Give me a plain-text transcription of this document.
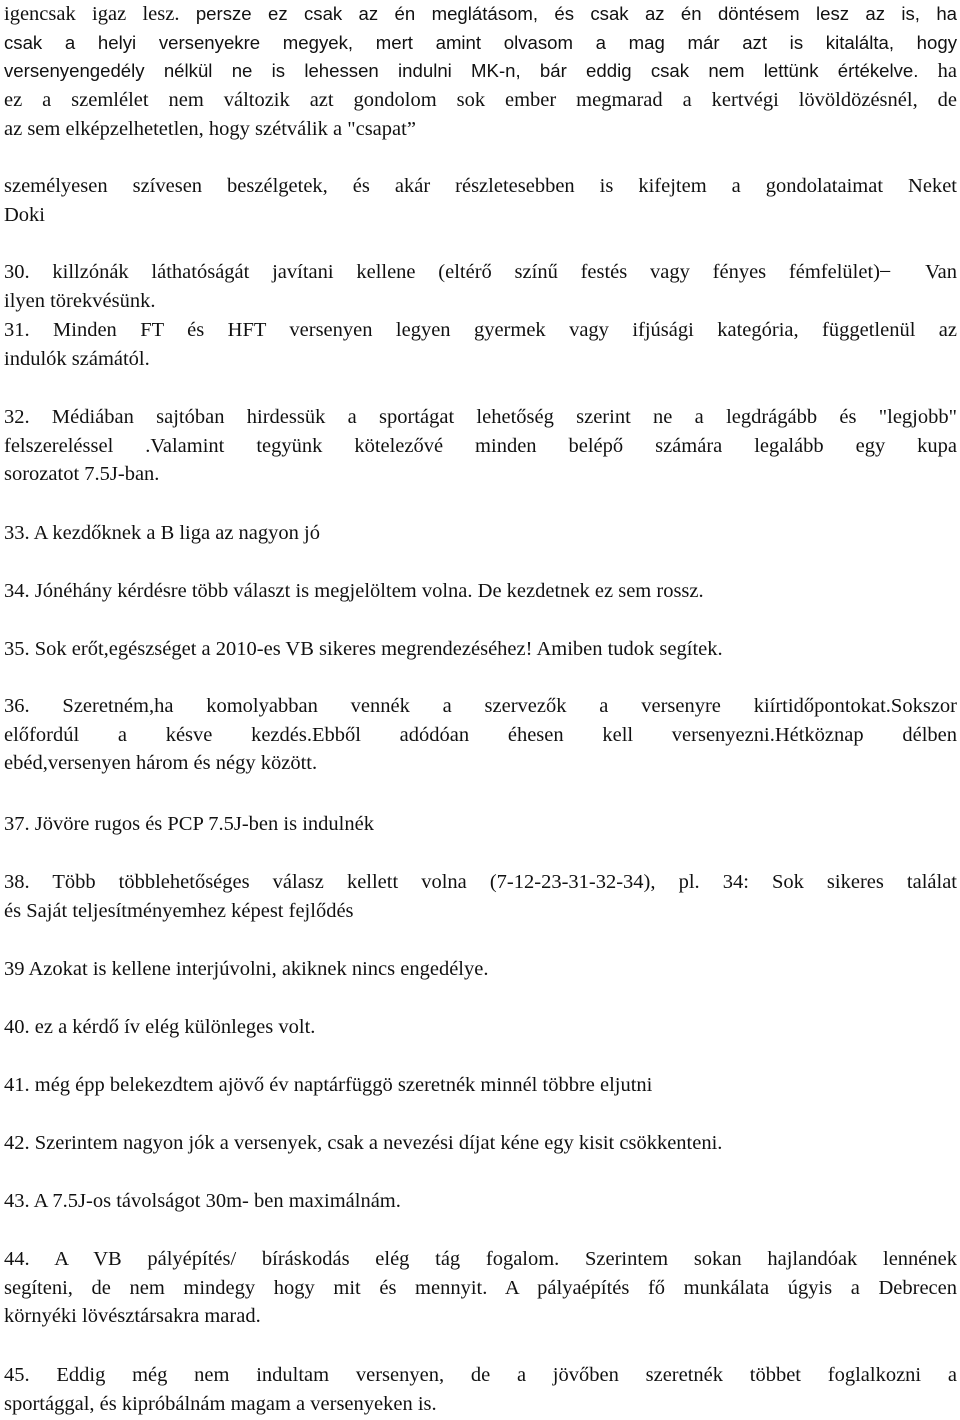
igencsak igaz lesz. persze ez csak az én meglátásom, és csak az én döntésem lesz az is, ha
csak a helyi versenyekre megyek, mert amint olvasom a mag már azt is kitalálta, hogy
versenyengedély nélkül ne is lehessen indulni MK-n, bár eddig csak nem lettünk értékelve. ha
ez a szemlélet nem változik azt gondolom sok ember megmarad a kertvégi lövöldözésnél, de
az sem elképzelhetetlen, hogy szétválik a "csapat”
személyesen szívesen beszélgetek, és akár részletesebben is kifejtem a gondolataimat Neket
Doki
30. killzónák láthatóságát javítani kellene (eltérő színű festés vagy fényes fémfelület) ̶ Van
ilyen törekvésünk.
31. Minden FT és HFT versenyen legyen gyermek vagy ifjúsági kategória, függetlenül az
indulók számától.
32. Médiában sajtóban hirdessük a sportágat lehetőség szerint ne a legdrágább és "legjobb"
felszereléssel .Valamint tegyünk kötelezővé minden belépő számára legalább egy kupa
sorozatot 7.5J-ban.
33. A kezdőknek a B liga az nagyon jó
34. Jónéhány kérdésre több választ is megjelöltem volna. De kezdetnek ez sem rossz.
35. Sok erőt,egészséget a 2010-es VB sikeres megrendezéséhez! Amiben tudok segítek.
36. Szeretném,ha komolyabban vennék a szervezők a versenyre kiírtidőpontokat.Sokszor
előfordúl a késve kezdés.Ebből adódóan éhesen kell versenyezni.Hétköznap délben
ebéd,versenyen három és négy között.
37. Jövöre rugos és PCP 7.5J-ben is indulnék
38. Több többlehetőséges válasz kellett volna (7-12-23-31-32-34), pl. 34: Sok sikeres találat
és Saját teljesítményemhez képest fejlődés
39 Azokat is kellene interjúvolni, akiknek nincs engedélye.
40. ez a kérdő ív elég különleges volt.
41. még épp belekezdtem ajövő év naptárfüggö szeretnék minnél többre eljutni
42. Szerintem nagyon jók a versenyek, csak a nevezési díjat kéne egy kisit csökkenteni.
43. A 7.5J-os távolságot 30m- ben maximálnám.
44. A VB pályépítés/ bíráskodás elég tág fogalom. Szerintem sokan hajlandóak lennének
segíteni, de nem mindegy hogy mit és mennyit. A pályaépítés fő munkálata úgyis a Debrecen
környéki lövésztársakra marad.
45. Eddig még nem indultam versenyen, de a jövőben szeretnék többet foglalkozni a
sportággal, és kipróbálnám magam a versenyeken is.
